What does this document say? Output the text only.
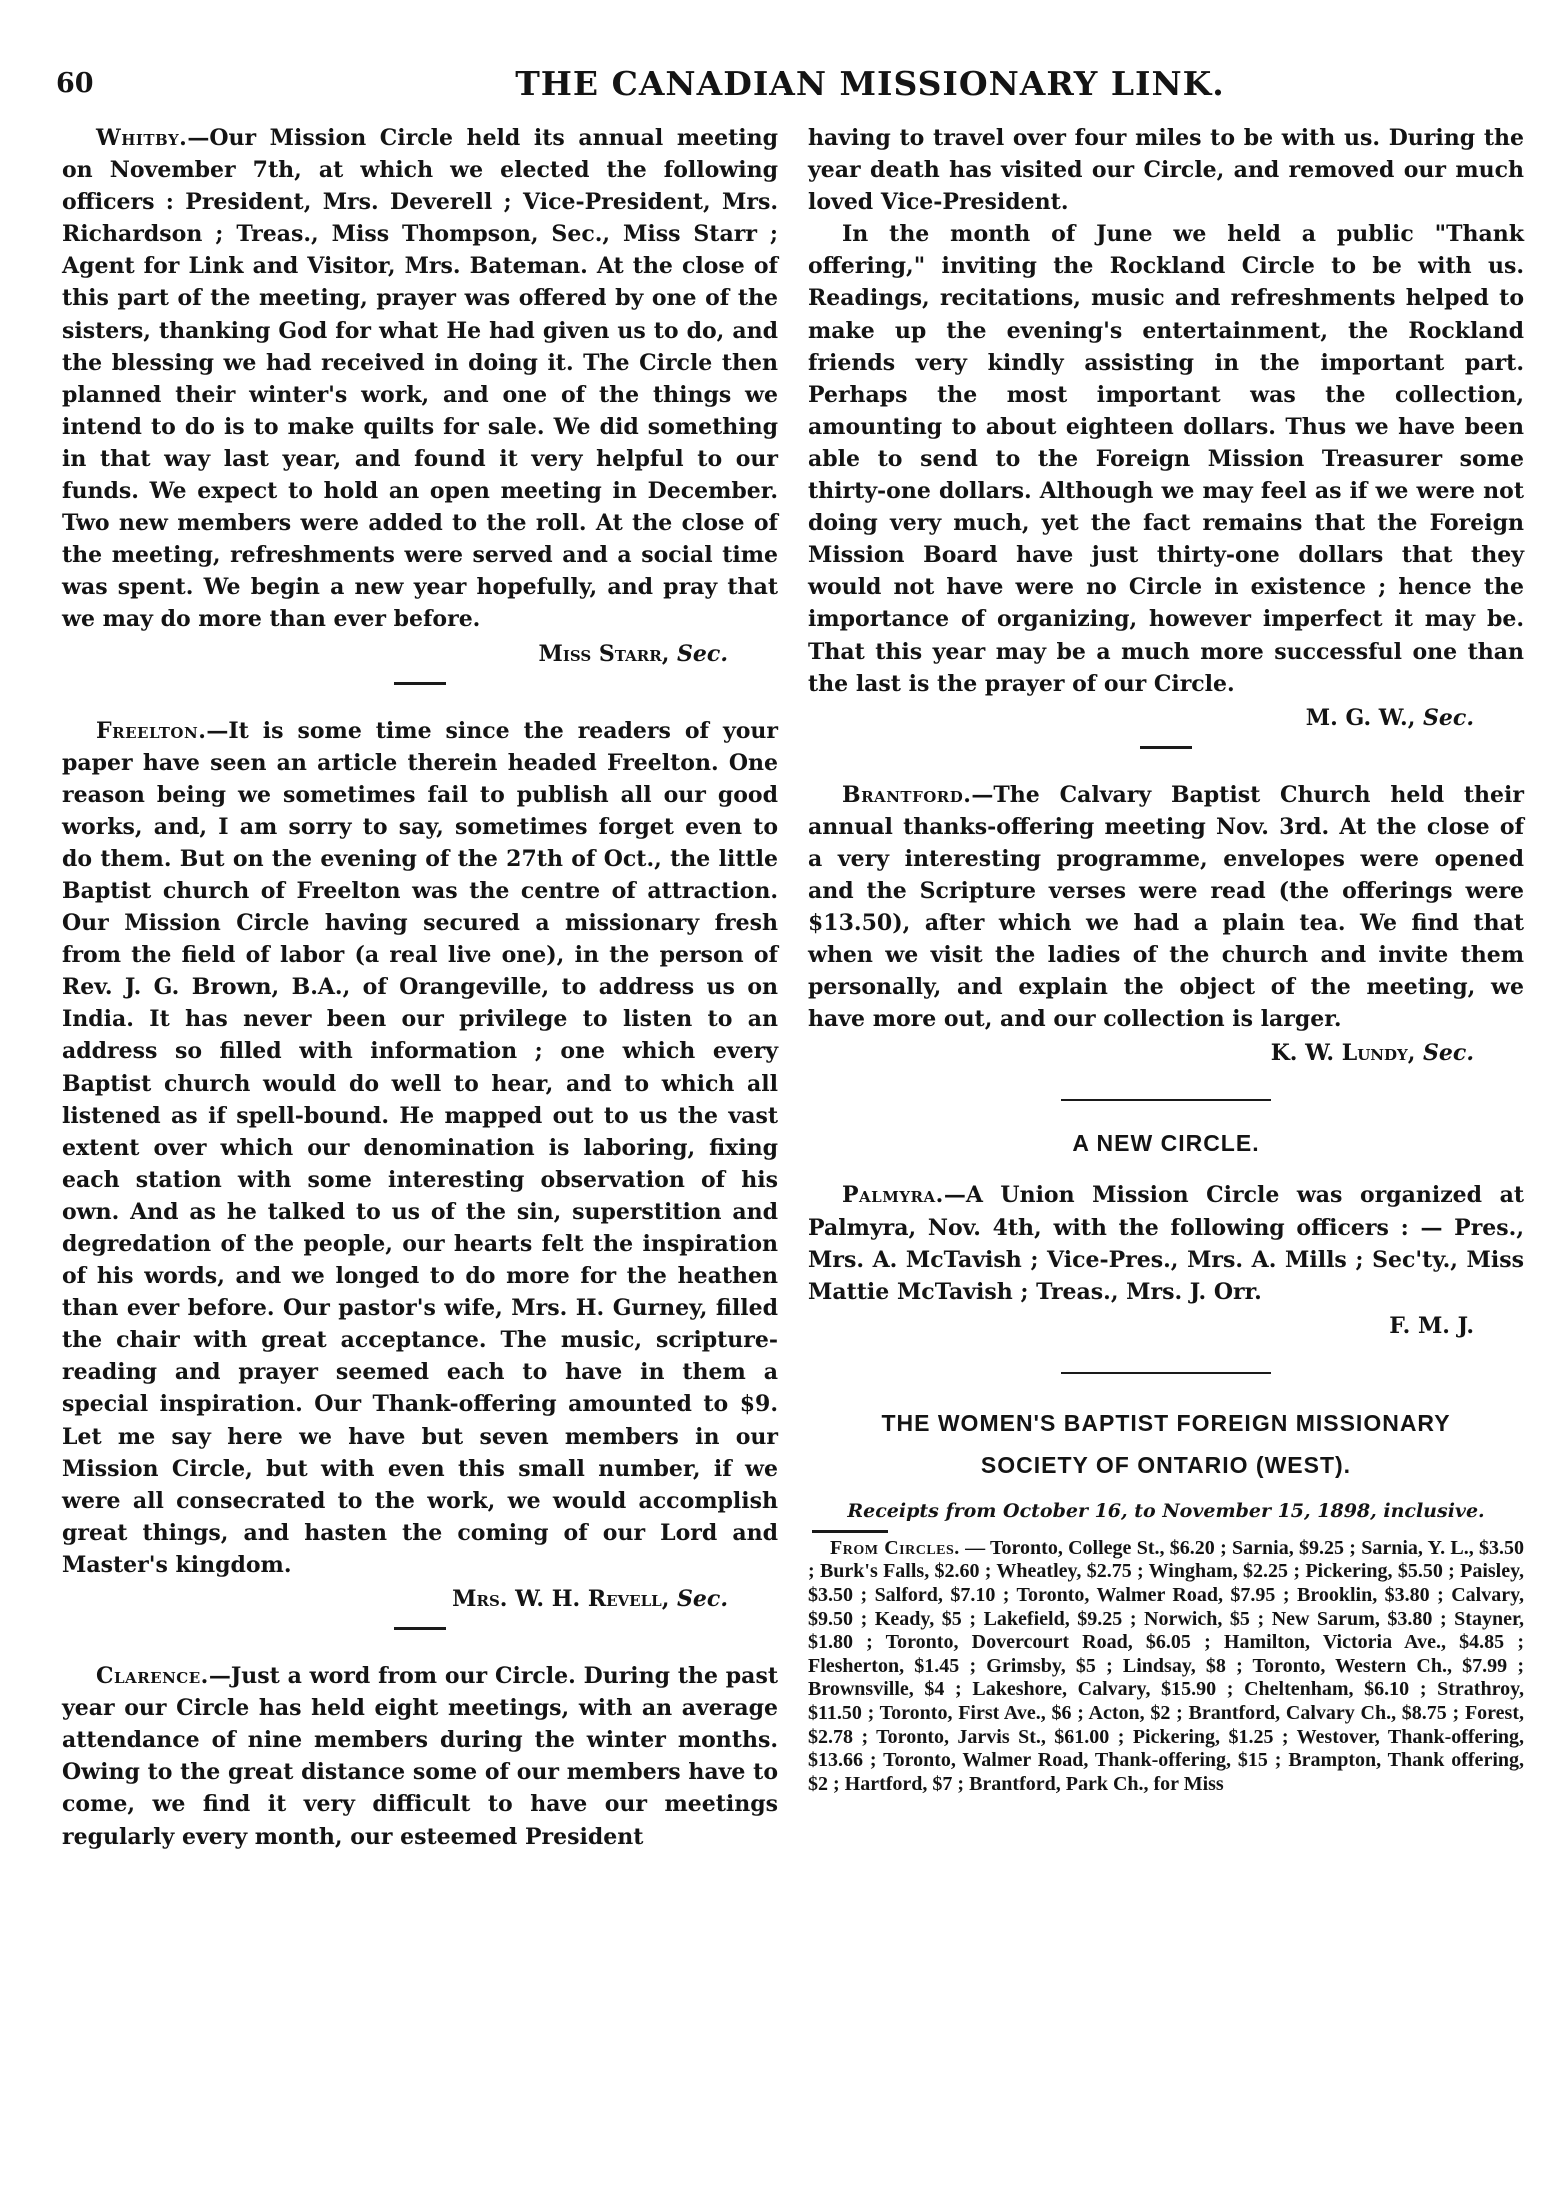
60	THE CANADIAN MISSIONARY LINK.

Whitby.—Our Mission Circle held its annual meeting on November 7th, at which we elected the following officers : President, Mrs. Deverell ; Vice-President, Mrs. Richardson ; Treas., Miss Thompson, Sec., Miss Starr ; Agent for Link and Visitor, Mrs. Bateman. At the close of this part of the meeting, prayer was offered by one of the sisters, thanking God for what He had given us to do, and the blessing we had received in doing it. The Circle then planned their winter's work, and one of the things we intend to do is to make quilts for sale. We did something in that way last year, and found it very helpful to our funds. We expect to hold an open meeting in December. Two new members were added to the roll. At the close of the meeting, refreshments were served and a social time was spent. We begin a new year hopefully, and pray that we may do more than ever before.

Miss Starr, Sec.

Freelton.—It is some time since the readers of your paper have seen an article therein headed Freelton. One reason being we sometimes fail to publish all our good works, and, I am sorry to say, sometimes forget even to do them. But on the evening of the 27th of Oct., the little Baptist church of Freelton was the centre of attraction. Our Mission Circle having secured a missionary fresh from the field of labor (a real live one), in the person of Rev. J. G. Brown, B.A., of Orangeville, to address us on India. It has never been our privilege to listen to an address so filled with information ; one which every Baptist church would do well to hear, and to which all listened as if spell-bound. He mapped out to us the vast extent over which our denomination is laboring, fixing each station with some interesting observation of his own. And as he talked to us of the sin, superstition and degredation of the people, our hearts felt the inspiration of his words, and we longed to do more for the heathen than ever before. Our pastor's wife, Mrs. H. Gurney, filled the chair with great acceptance. The music, scripture-reading and prayer seemed each to have in them a special inspiration. Our Thank-offering amounted to $9. Let me say here we have but seven members in our Mission Circle, but with even this small number, if we were all consecrated to the work, we would accomplish great things, and hasten the coming of our Lord and Master's kingdom.

Mrs. W. H. Revell, Sec.

Clarence.—Just a word from our Circle. During the past year our Circle has held eight meetings, with an average attendance of nine members during the winter months. Owing to the great distance some of our members have to come, we find it very difficult to have our meetings regularly every month, our esteemed President

having to travel over four miles to be with us. During the year death has visited our Circle, and removed our much loved Vice-President.

In the month of June we held a public "Thank offering," inviting the Rockland Circle to be with us. Readings, recitations, music and refreshments helped to make up the evening's entertainment, the Rockland friends very kindly assisting in the important part. Perhaps the most important was the collection, amounting to about eighteen dollars. Thus we have been able to send to the Foreign Mission Treasurer some thirty-one dollars. Although we may feel as if we were not doing very much, yet the fact remains that the Foreign Mission Board have just thirty-one dollars that they would not have were no Circle in existence ; hence the importance of organizing, however imperfect it may be. That this year may be a much more successful one than the last is the prayer of our Circle.

M. G. W., Sec.

Brantford.—The Calvary Baptist Church held their annual thanks-offering meeting Nov. 3rd. At the close of a very interesting programme, envelopes were opened and the Scripture verses were read (the offerings were $13.50), after which we had a plain tea. We find that when we visit the ladies of the church and invite them personally, and explain the object of the meeting, we have more out, and our collection is larger.

K. W. Lundy, Sec.

A NEW CIRCLE.

Palmyra.—A Union Mission Circle was organized at Palmyra, Nov. 4th, with the following officers : — Pres., Mrs. A. McTavish ; Vice-Pres., Mrs. A. Mills ; Sec'ty., Miss Mattie McTavish ; Treas., Mrs. J. Orr.

F. M. J.

THE WOMEN'S BAPTIST FOREIGN MISSIONARY
SOCIETY OF ONTARIO (WEST).

Receipts from October 16, to November 15, 1898, inclusive.

From Circles. — Toronto, College St., $6.20 ; Sarnia, $9.25 ; Sarnia, Y. L., $3.50 ; Burk's Falls, $2.60 ; Wheatley, $2.75 ; Wingham, $2.25 ; Pickering, $5.50 ; Paisley, $3.50 ; Salford, $7.10 ; Toronto, Walmer Road, $7.95 ; Brooklin, $3.80 ; Calvary, $9.50 ; Keady, $5 ; Lakefield, $9.25 ; Norwich, $5 ; New Sarum, $3.80 ; Stayner, $1.80 ; Toronto, Dovercourt Road, $6.05 ; Hamilton, Victoria Ave., $4.85 ; Flesherton, $1.45 ; Grimsby, $5 ; Lindsay, $8 ; Toronto, Western Ch., $7.99 ; Brownsville, $4 ; Lakeshore, Calvary, $15.90 ; Cheltenham, $6.10 ; Strathroy, $11.50 ; Toronto, First Ave., $6 ; Acton, $2 ; Brantford, Calvary Ch., $8.75 ; Forest, $2.78 ; Toronto, Jarvis St., $61.00 ; Pickering, $1.25 ; Westover, Thank-offering, $13.66 ; Toronto, Walmer Road, Thank-offering, $15 ; Brampton, Thank offering, $2 ; Hartford, $7 ; Brantford, Park Ch., for Miss
